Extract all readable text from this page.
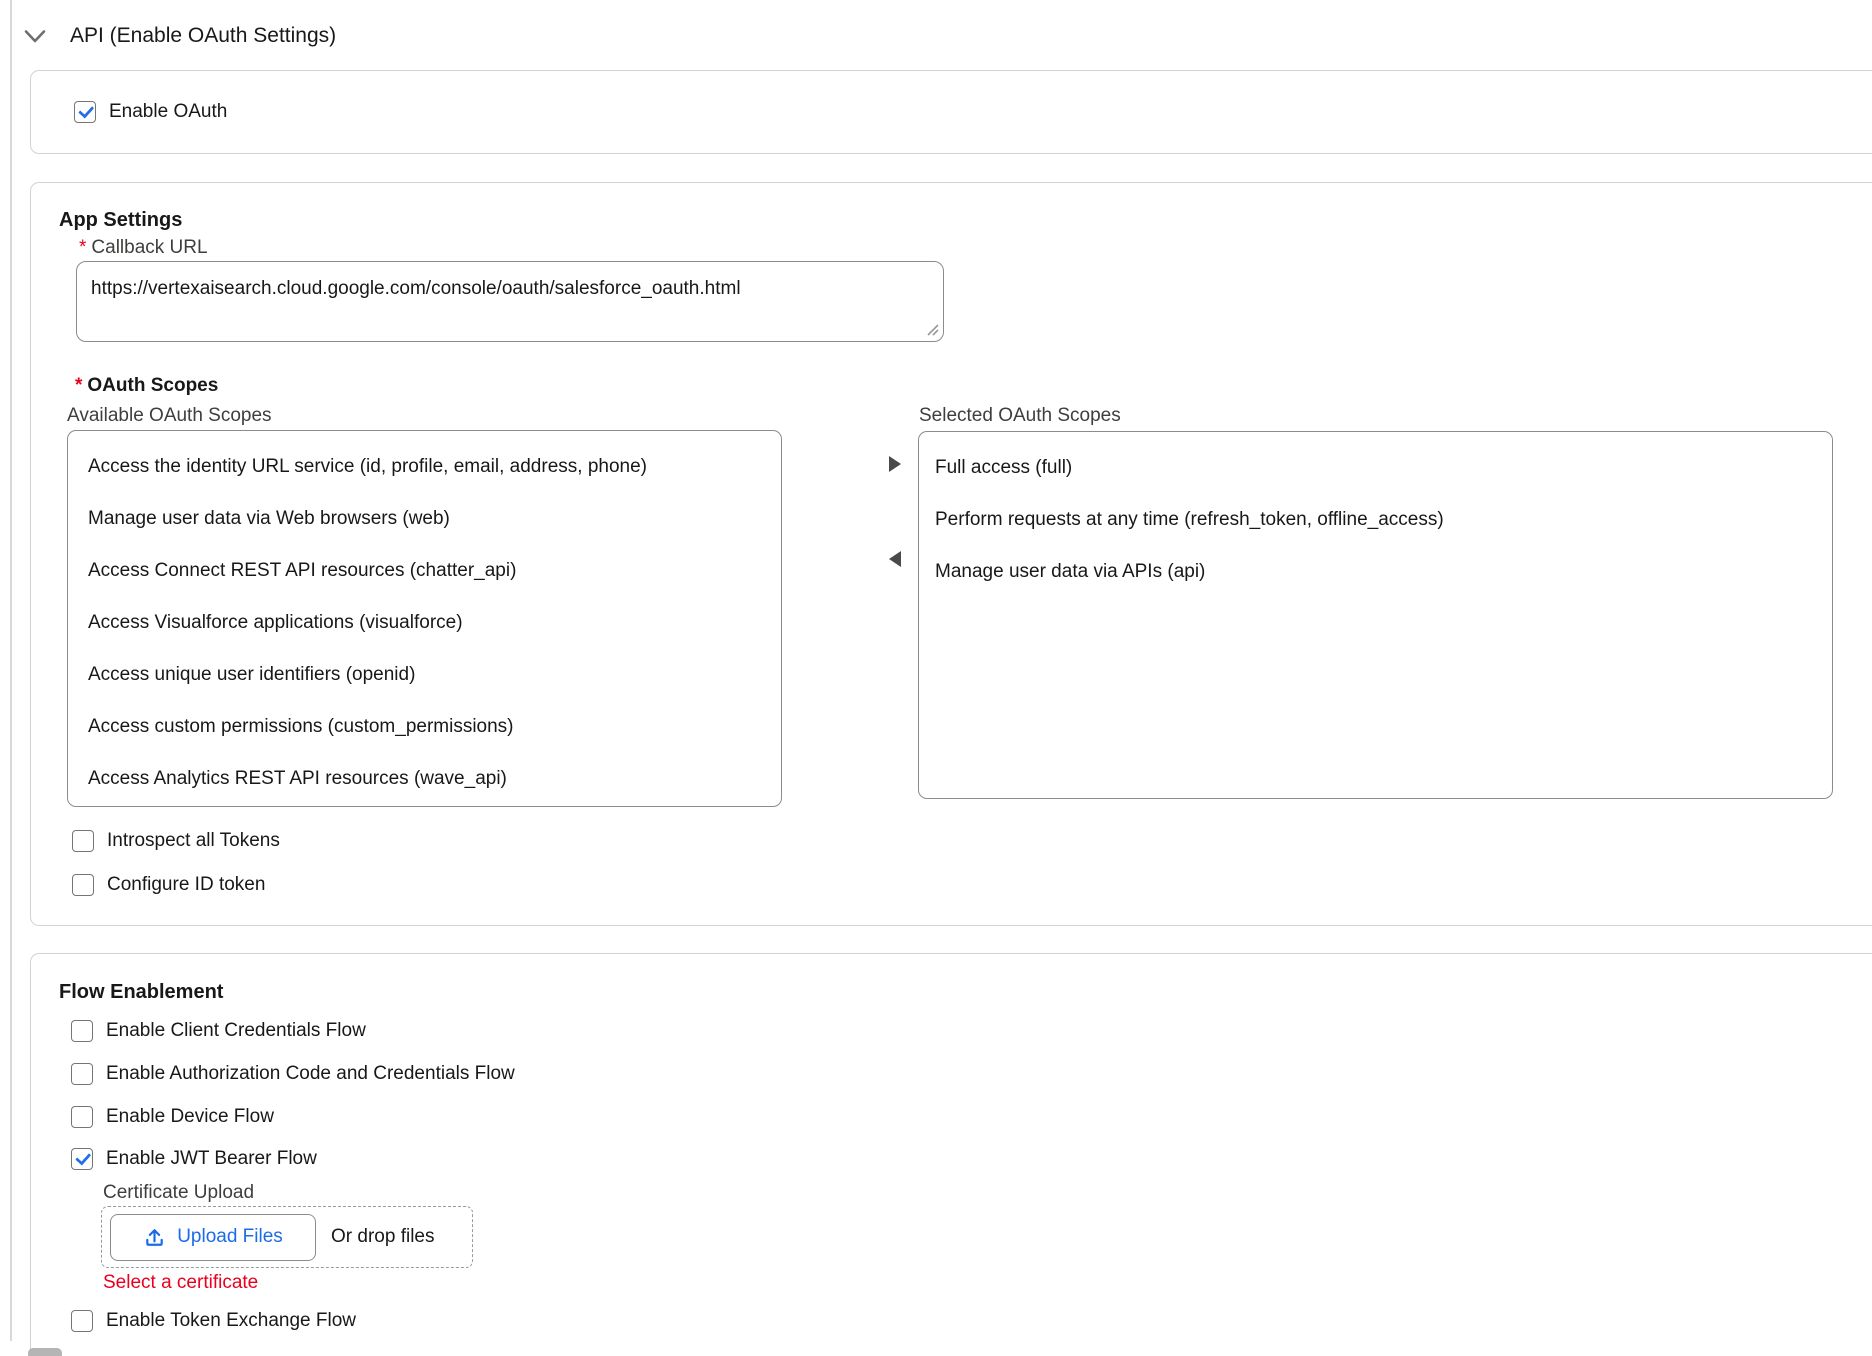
API (Enable OAuth Settings)
Enable OAuth
App Settings
* Callback URL
https://vertexaisearch.cloud.google.com/console/oauth/salesforce_oauth.html
* OAuth Scopes
Available OAuth Scopes	Selected OAuth Scopes
Access the identity URL service (id, profile, email, address, phone)
Manage user data via Web browsers (web)
Access Connect REST API resources (chatter_api)
Access Visualforce applications (visualforce)
Access unique user identifiers (openid)
Access custom permissions (custom_permissions)
Access Analytics REST API resources (wave_api)
Full access (full)
Perform requests at any time (refresh_token, offline_access)
Manage user data via APIs (api)
Introspect all Tokens
Configure ID token
Flow Enablement
Enable Client Credentials Flow
Enable Authorization Code and Credentials Flow
Enable Device Flow
Enable JWT Bearer Flow
Certificate Upload
Upload Files	Or drop files
Select a certificate
Enable Token Exchange Flow
